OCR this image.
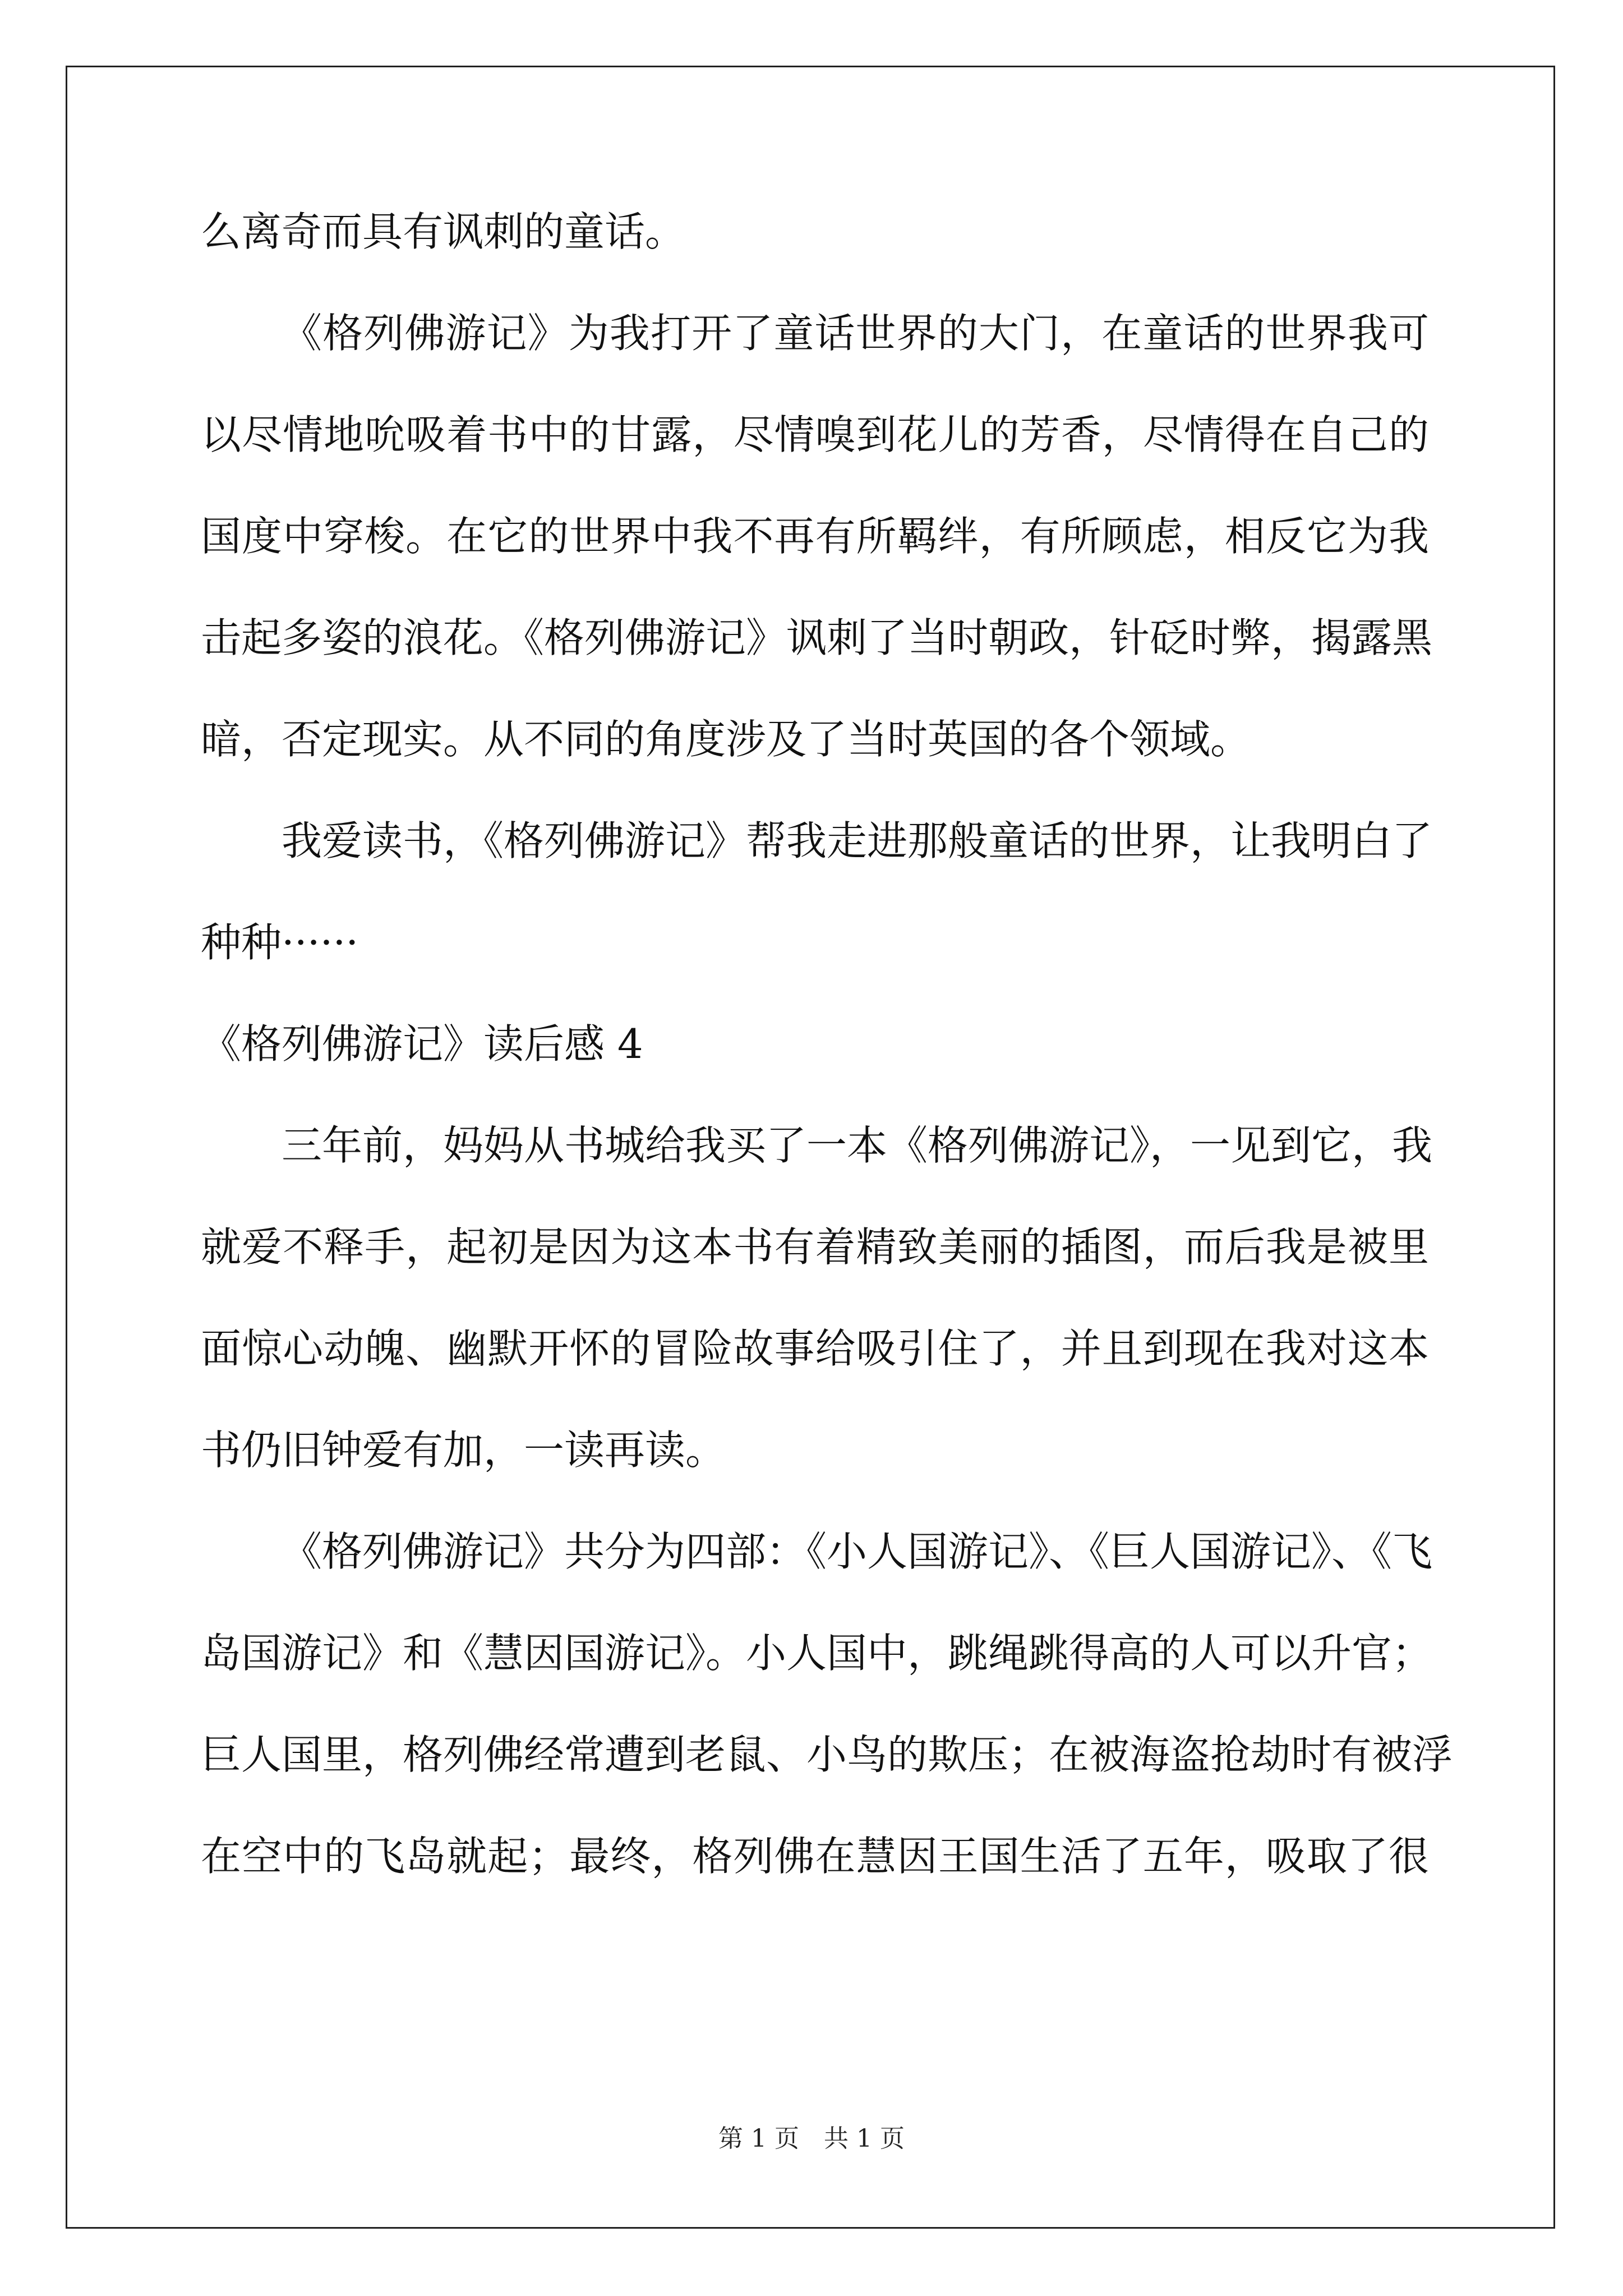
么离奇而具有讽刺的童话。
《格列佛游记》为我打开了童话世界的大门，在童话的世界我可
以尽情地吮吸着书中的甘露，尽情嗅到花儿的芳香，尽情得在自己的
国度中穿梭。在它的世界中我不再有所羁绊，有所顾虑，相反它为我
击起多姿的浪花。《格列佛游记》讽刺了当时朝政，针砭时弊，揭露黑
暗，否定现实。从不同的角度涉及了当时英国的各个领域。
我爱读书，《格列佛游记》帮我走进那般童话的世界，让我明白了
种种······
《格列佛游记》读后感 4
三年前，妈妈从书城给我买了一本《格列佛游记》，一见到它，我
就爱不释手，起初是因为这本书有着精致美丽的插图，而后我是被里
面惊心动魄、幽默开怀的冒险故事给吸引住了，并且到现在我对这本
书仍旧钟爱有加，一读再读。
《格列佛游记》共分为四部：《小人国游记》、《巨人国游记》、《飞
岛国游记》和《慧因国游记》。小人国中，跳绳跳得高的人可以升官；
巨人国里，格列佛经常遭到老鼠、小鸟的欺压；在被海盗抢劫时有被浮
在空中的飞岛就起；最终，格列佛在慧因王国生活了五年，吸取了很
第 1 页　共 1 页
